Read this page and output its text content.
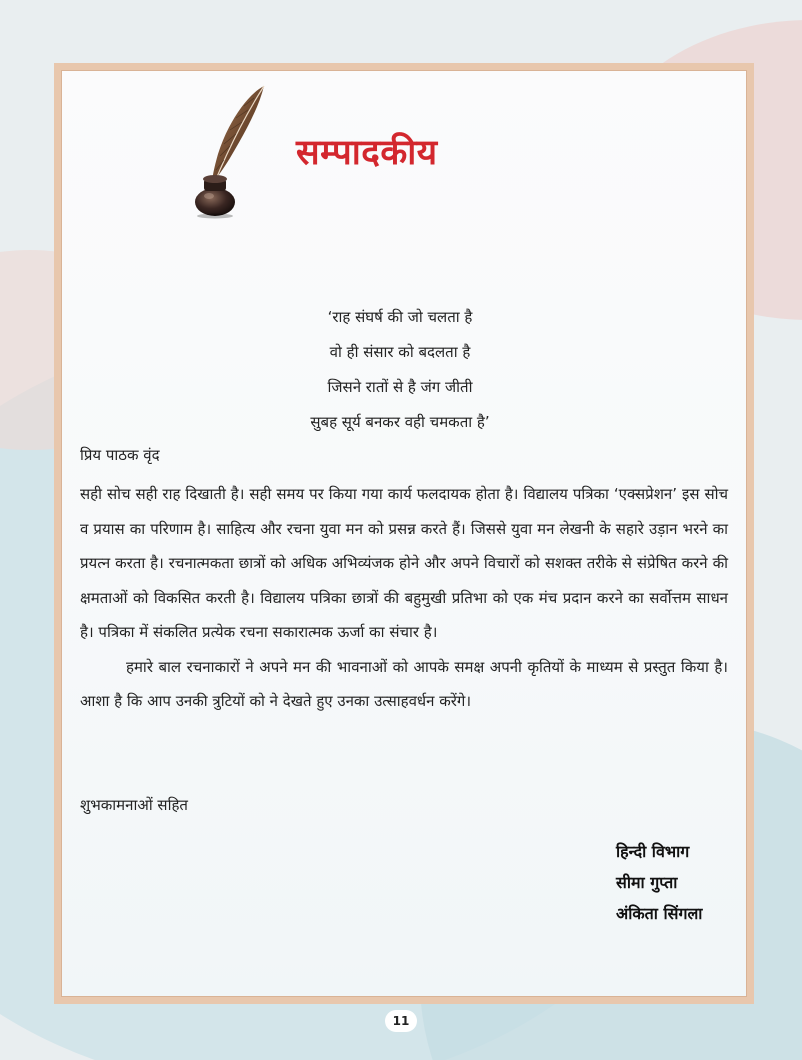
सम्पादकीय
‘राह संघर्ष की जो चलता है
वो ही संसार को बदलता है
जिसने रातों से है जंग जीती
सुबह सूर्य बनकर वही चमकता है’
प्रिय पाठक वृंद

सही सोच सही राह दिखाती है। सही समय पर किया गया कार्य फलदायक होता है। विद्यालय पत्रिका ‘एक्सप्रेशन’ इस सोच व प्रयास का परिणाम है। साहित्य और रचना युवा मन को प्रसन्न करते हैं। जिससे युवा मन लेखनी के सहारे उड़ान भरने का प्रयत्न करता है। रचनात्मकता छात्रों को अधिक अभिव्यंजक होने और अपने विचारों को सशक्त तरीके से संप्रेषित करने की क्षमताओं को विकसित करती है। विद्यालय पत्रिका छात्रों की बहुमुखी प्रतिभा को एक मंच प्रदान करने का सर्वोत्तम साधन है। पत्रिका में संकलित प्रत्येक रचना सकारात्मक ऊर्जा का संचार है।

हमारे बाल रचनाकारों ने अपने मन की भावनाओं को आपके समक्ष अपनी कृतियों के माध्यम से प्रस्तुत किया है। आशा है कि आप उनकी त्रुटियों को ने देखते हुए उनका उत्साहवर्धन करेंगे।

शुभकामनाओं सहित
हिन्दी विभाग
सीमा गुप्ता
अंकिता सिंगला
11
